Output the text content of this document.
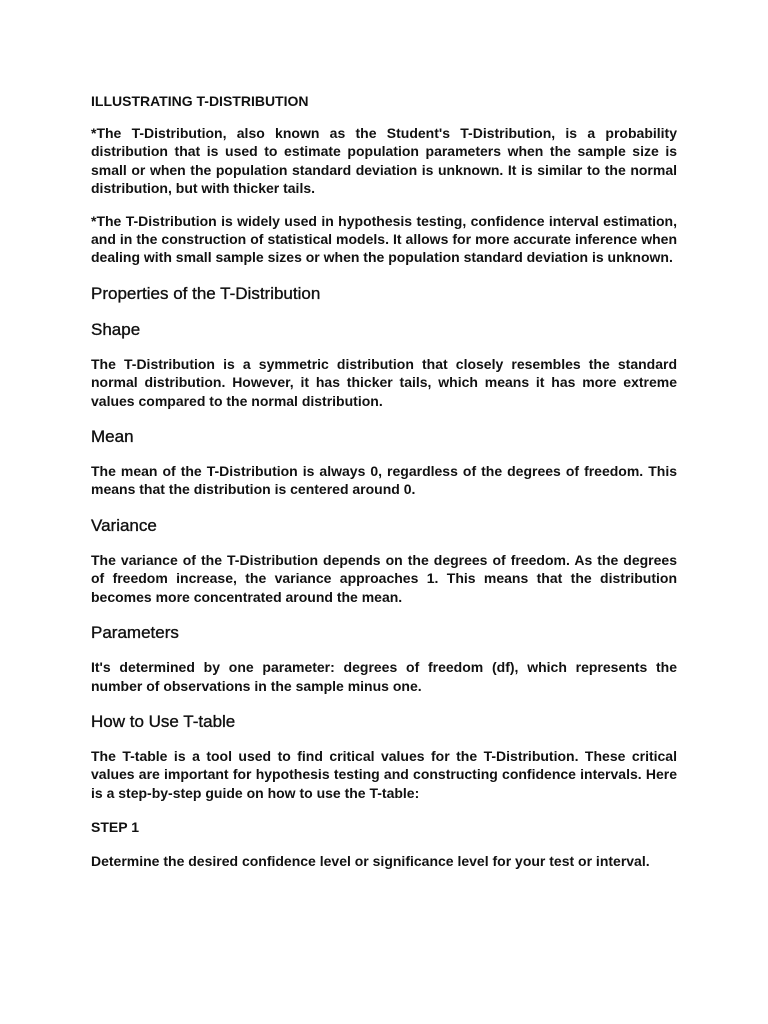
ILLUSTRATING T-DISTRIBUTION

*The T-Distribution, also known as the Student's T-Distribution, is a probability distribution that is used to estimate population parameters when the sample size is small or when the population standard deviation is unknown. It is similar to the normal distribution, but with thicker tails.

*The T-Distribution is widely used in hypothesis testing, confidence interval estimation, and in the construction of statistical models. It allows for more accurate inference when dealing with small sample sizes or when the population standard deviation is unknown.

Properties of the T-Distribution
Shape

The T-Distribution is a symmetric distribution that closely resembles the standard normal distribution. However, it has thicker tails, which means it has more extreme values compared to the normal distribution.

Mean

The mean of the T-Distribution is always 0, regardless of the degrees of freedom. This means that the distribution is centered around 0.

Variance

The variance of the T-Distribution depends on the degrees of freedom. As the degrees of freedom increase, the variance approaches 1. This means that the distribution becomes more concentrated around the mean.

Parameters

It's determined by one parameter: degrees of freedom (df), which represents the number of observations in the sample minus one.

How to Use T-table

The T-table is a tool used to find critical values for the T-Distribution. These critical values are important for hypothesis testing and constructing confidence intervals. Here is a step-by-step guide on how to use the T-table:

STEP 1

Determine the desired confidence level or significance level for your test or interval.
